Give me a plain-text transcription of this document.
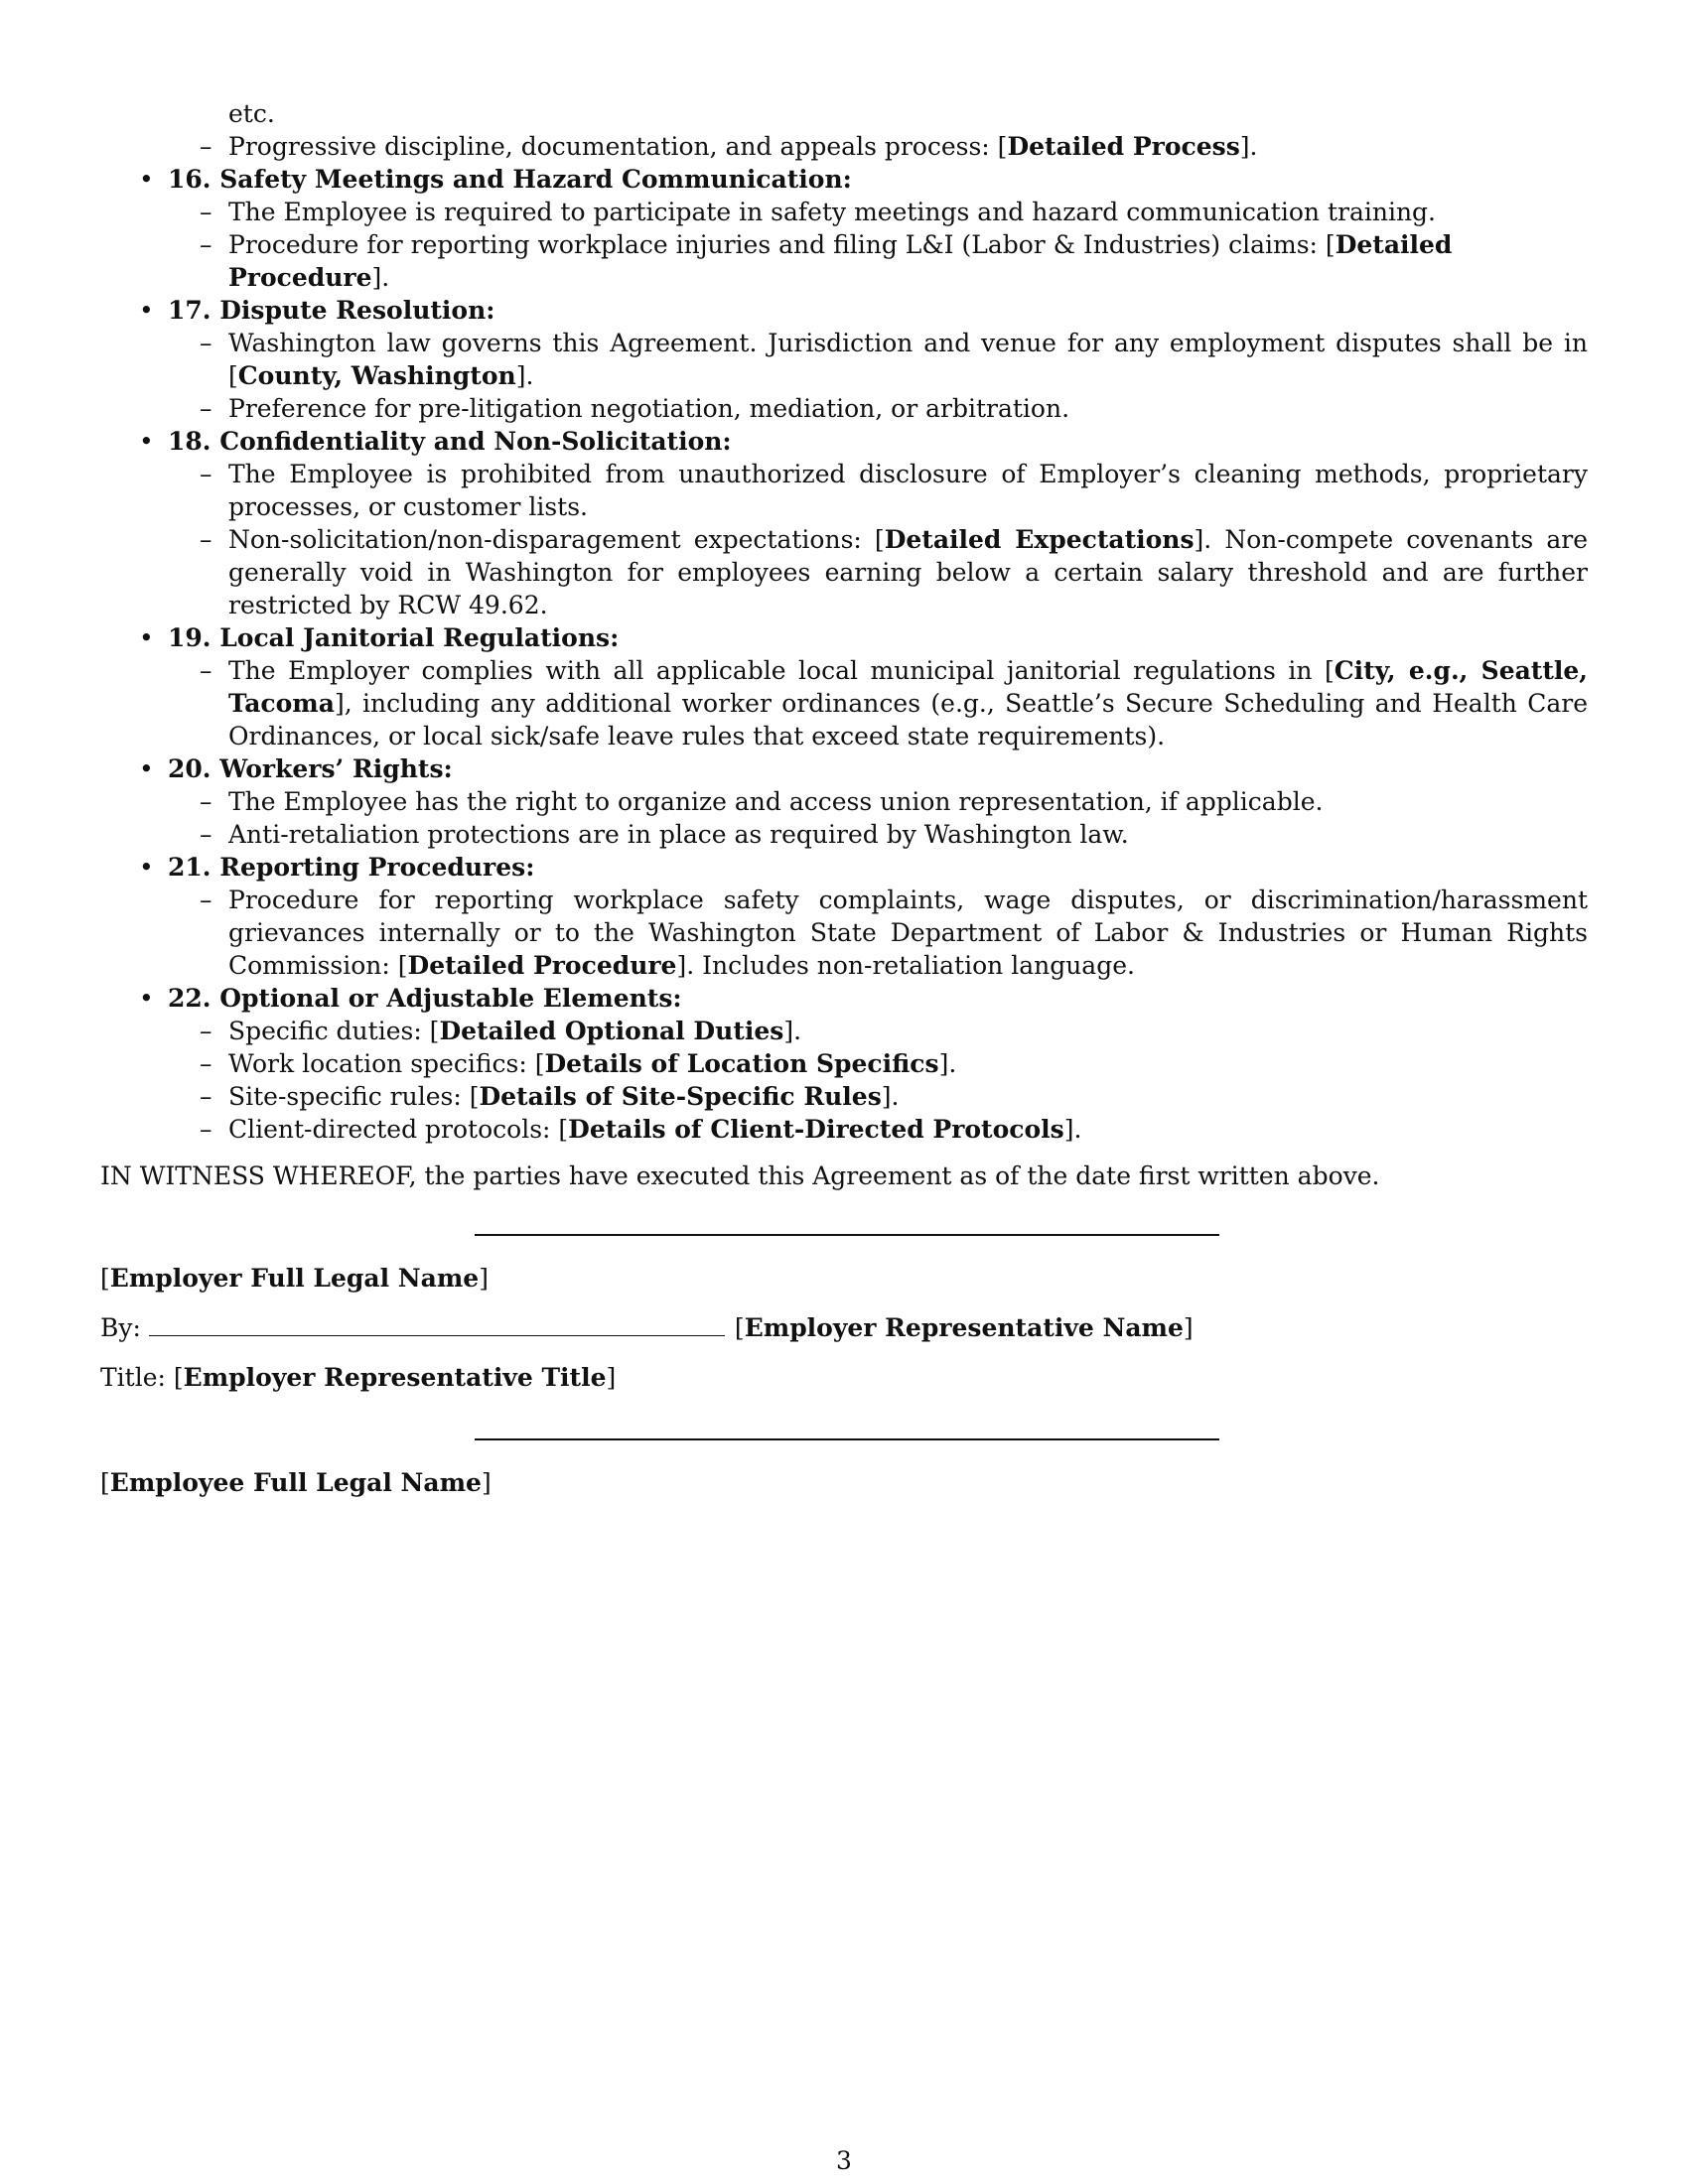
etc.
– Progressive discipline, documentation, and appeals process: [Detailed Process].
• 16. Safety Meetings and Hazard Communication:
– The Employee is required to participate in safety meetings and hazard communication training.
– Procedure for reporting workplace injuries and filing L&I (Labor & Industries) claims: [Detailed Procedure].
• 17. Dispute Resolution:
– Washington law governs this Agreement. Jurisdiction and venue for any employment disputes shall be in [County, Washington].
– Preference for pre-litigation negotiation, mediation, or arbitration.
• 18. Confidentiality and Non-Solicitation:
– The Employee is prohibited from unauthorized disclosure of Employer’s cleaning methods, proprietary processes, or customer lists.
– Non-solicitation/non-disparagement expectations: [Detailed Expectations]. Non-compete covenants are generally void in Washington for employees earning below a certain salary threshold and are further restricted by RCW 49.62.
• 19. Local Janitorial Regulations:
– The Employer complies with all applicable local municipal janitorial regulations in [City, e.g., Seattle, Tacoma], including any additional worker ordinances (e.g., Seattle’s Secure Scheduling and Health Care Ordinances, or local sick/safe leave rules that exceed state requirements).
• 20. Workers’ Rights:
– The Employee has the right to organize and access union representation, if applicable.
– Anti-retaliation protections are in place as required by Washington law.
• 21. Reporting Procedures:
– Procedure for reporting workplace safety complaints, wage disputes, or discrimination/harassment grievances internally or to the Washington State Department of Labor & Industries or Human Rights Commission: [Detailed Procedure]. Includes non-retaliation language.
• 22. Optional or Adjustable Elements:
– Specific duties: [Detailed Optional Duties].
– Work location specifics: [Details of Location Specifics].
– Site-specific rules: [Details of Site-Specific Rules].
– Client-directed protocols: [Details of Client-Directed Protocols].
IN WITNESS WHEREOF, the parties have executed this Agreement as of the date first written above.
[Employer Full Legal Name]
By:	[Employer Representative Name]
Title: [Employer Representative Title]
[Employee Full Legal Name]
3
